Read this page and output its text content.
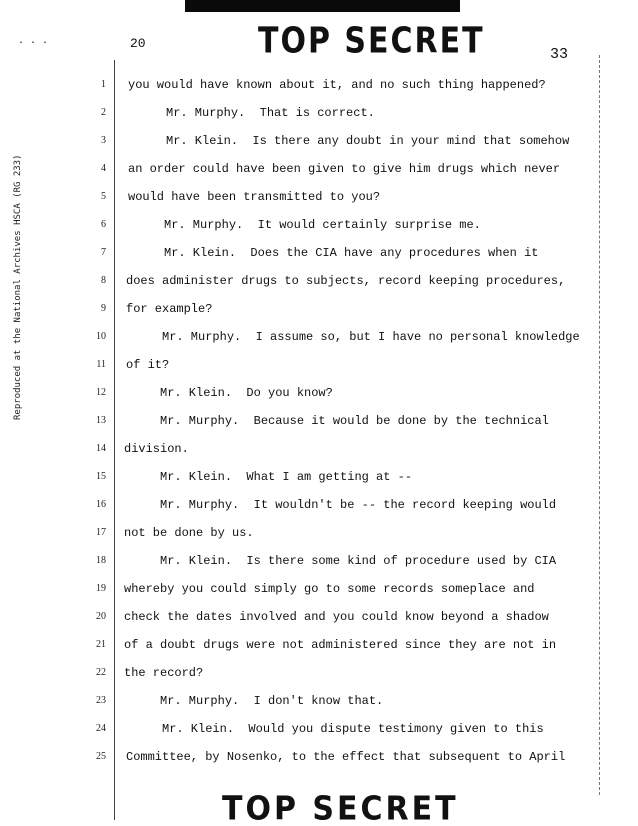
TOP SECRET
20
33
···
Reproduced at the National Archives HSCA (RG 233)
1
2
3
4
5
6
7
8
9
10
11
12
13
14
15
16
17
18
19
20
21
22
23
24
25
you would have known about it, and no such thing happened?
Mr. Murphy.  That is correct.
Mr. Klein.  Is there any doubt in your mind that somehow
an order could have been given to give him drugs which never
would have been transmitted to you?
Mr. Murphy.  It would certainly surprise me.
Mr. Klein.  Does the CIA have any procedures when it
does administer drugs to subjects, record keeping procedures,
for example?
Mr. Murphy.  I assume so, but I have no personal knowledge
of it?
Mr. Klein.  Do you know?
Mr. Murphy.  Because it would be done by the technical
division.
Mr. Klein.  What I am getting at --
Mr. Murphy.  It wouldn't be -- the record keeping would
not be done by us.
Mr. Klein.  Is there some kind of procedure used by CIA
whereby you could simply go to some records someplace and
check the dates involved and you could know beyond a shadow
of a doubt drugs were not administered since they are not in
the record?
Mr. Murphy.  I don't know that.
Mr. Klein.  Would you dispute testimony given to this
Committee, by Nosenko, to the effect that subsequent to April
TOP SECRET
